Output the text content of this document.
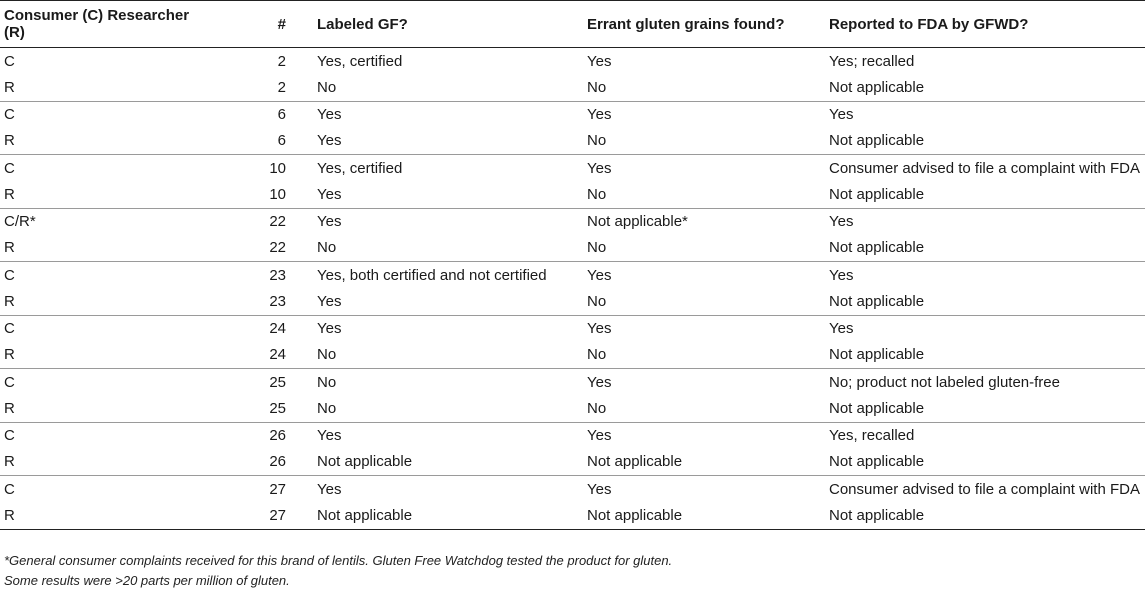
Consumer (C) Researcher (R)	#	Labeled GF?	Errant gluten grains found?	Reported to FDA by GFWD?
C	2	Yes, certified	Yes	Yes; recalled
R	2	No	No	Not applicable
C	6	Yes	Yes	Yes
R	6	Yes	No	Not applicable
C	10	Yes, certified	Yes	Consumer advised to file a complaint with FDA
R	10	Yes	No	Not applicable
C/R*	22	Yes	Not applicable*	Yes
R	22	No	No	Not applicable
C	23	Yes, both certified and not certified	Yes	Yes
R	23	Yes	No	Not applicable
C	24	Yes	Yes	Yes
R	24	No	No	Not applicable
C	25	No	Yes	No; product not labeled gluten-free
R	25	No	No	Not applicable
C	26	Yes	Yes	Yes, recalled
R	26	Not applicable	Not applicable	Not applicable
C	27	Yes	Yes	Consumer advised to file a complaint with FDA
R	27	Not applicable	Not applicable	Not applicable

*General consumer complaints received for this brand of lentils. Gluten Free Watchdog tested the product for gluten.

Some results were >20 parts per million of gluten.
